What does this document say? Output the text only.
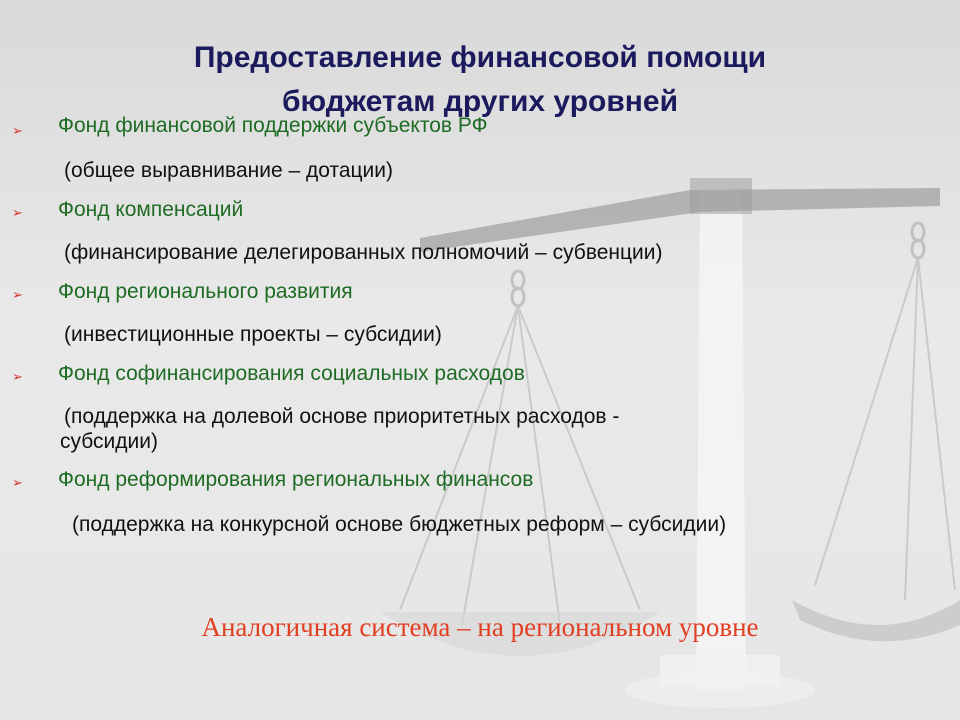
Предоставление финансовой помощи
бюджетам других уровней
➢ Фонд финансовой поддержки субъектов РФ
(общее выравнивание – дотации)
➢ Фонд компенсаций
(финансирование делегированных полномочий – субвенции)
➢ Фонд регионального развития
(инвестиционные проекты – субсидии)
➢ Фонд софинансирования социальных расходов
(поддержка на долевой основе приоритетных расходов -
субсидии)
➢ Фонд реформирования региональных финансов
(поддержка на конкурсной основе бюджетных реформ – субсидии)
Аналогичная система – на региональном уровне
